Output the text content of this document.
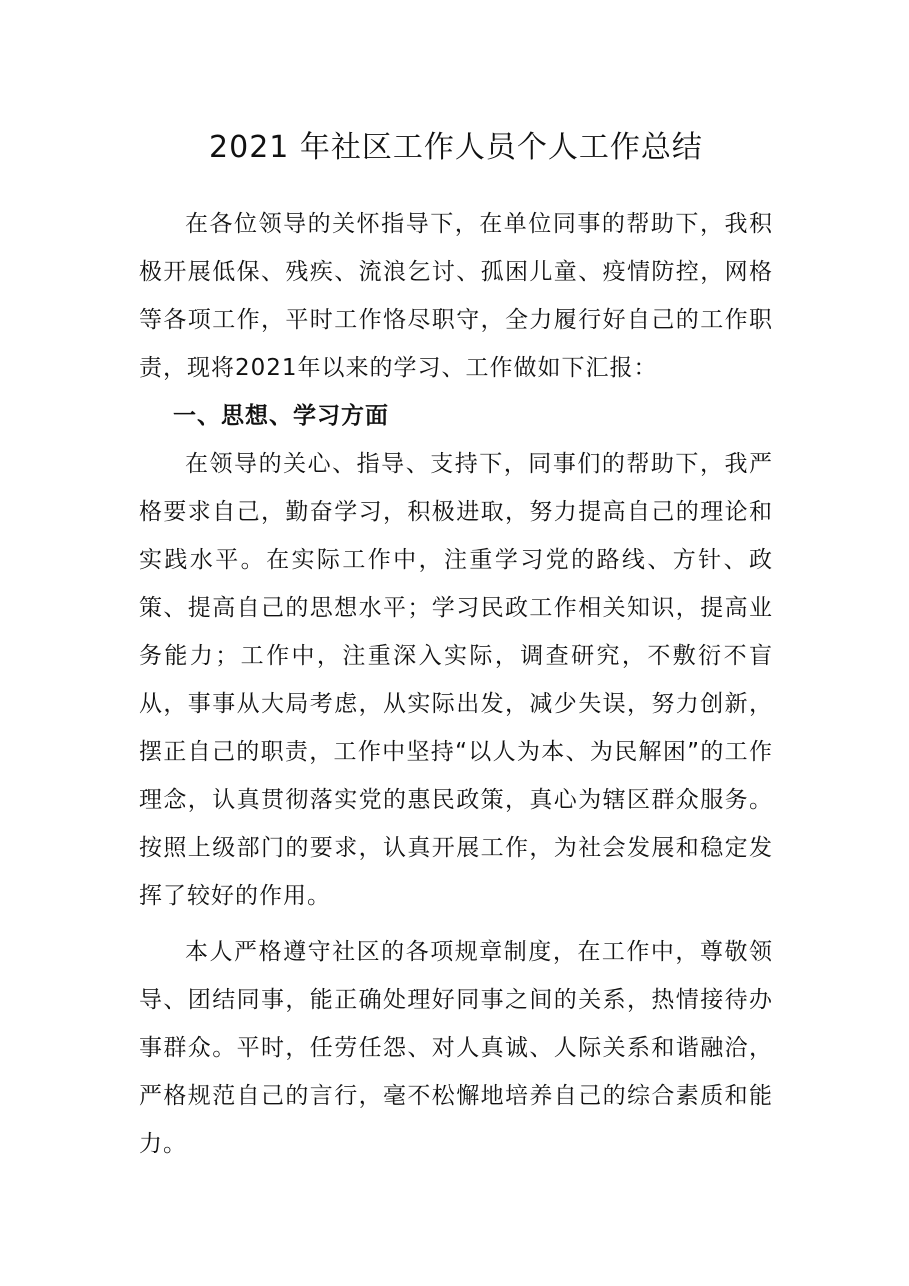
2021 年社区工作人员个人工作总结

在各位领导的关怀指导下，在单位同事的帮助下，我积极开展低保、残疾、流浪乞讨、孤困儿童、疫情防控，网格等各项工作，平时工作恪尽职守，全力履行好自己的工作职责，现将2021年以来的学习、工作做如下汇报：

一、思想、学习方面

在领导的关心、指导、支持下，同事们的帮助下，我严格要求自己，勤奋学习，积极进取，努力提高自己的理论和实践水平。在实际工作中，注重学习党的路线、方针、政策、提高自己的思想水平；学习民政工作相关知识，提高业务能力；工作中，注重深入实际，调查研究，不敷衍不盲从，事事从大局考虑，从实际出发，减少失误，努力创新，摆正自己的职责，工作中坚持“以人为本、为民解困”的工作理念，认真贯彻落实党的惠民政策，真心为辖区群众服务。按照上级部门的要求，认真开展工作，为社会发展和稳定发挥了较好的作用。

本人严格遵守社区的各项规章制度，在工作中，尊敬领导、团结同事，能正确处理好同事之间的关系，热情接待办事群众。平时，任劳任怨、对人真诚、人际关系和谐融洽，严格规范自己的言行，毫不松懈地培养自己的综合素质和能力。
